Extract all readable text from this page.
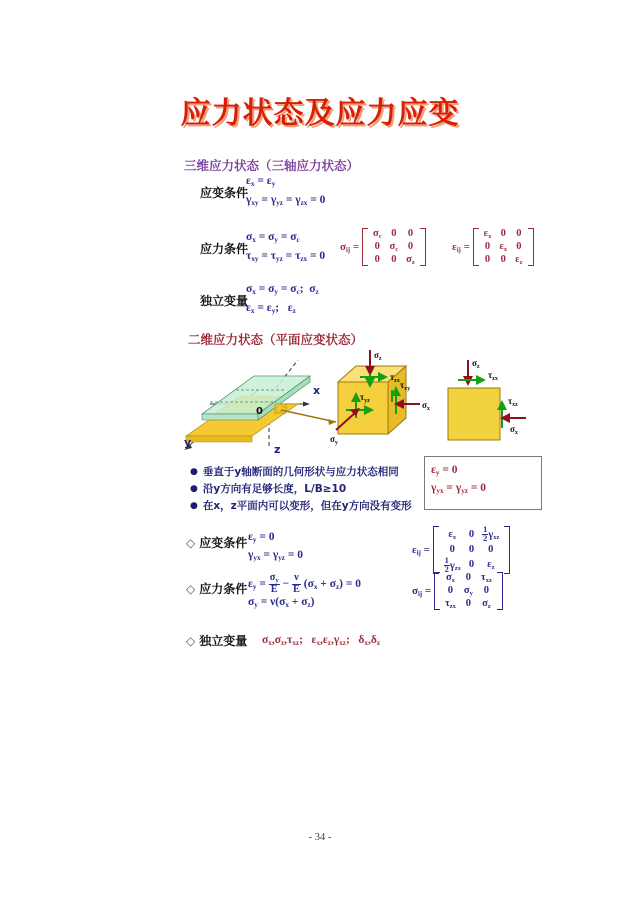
应力状态及应力应变
三维应力状态（三轴应力状态）
应变条件
$\varepsilon_x = \varepsilon_y$
$\gamma_{xy} = \gamma_{yz} = \gamma_{zx} = 0$
应力条件
$\sigma_x = \sigma_y = \sigma_c$
$\tau_{xy} = \tau_{yz} = \tau_{zx} = 0$
$\sigma_{ij}$ =
$\sigma_c$	0	0
0	$\sigma_c$	0
0	0	$\sigma_z$
$\varepsilon_{ij}$ =
$\varepsilon_x$	0	0
0	$\varepsilon_x$	0
0	0	$\varepsilon_z$
独立变量
$\sigma_x = \sigma_y = \sigma_c$;  $\sigma_z$
$\varepsilon_x = \varepsilon_y$;   $\varepsilon_z$
二维应力状态（平面应变状态）
x
y
z
0
$\sigma_z$
$\tau_{zx}$ $\tau_{xy}$
$\sigma_x$
$\tau_{yz}$
$\sigma_y$
$\sigma_z$
$\tau_{zx}$
$\tau_{xz}$
$\sigma_x$
● 垂直于y轴断面的几何形状与应力状态相同
● 沿y方向有足够长度，L/B≥10
● 在x，z平面内可以变形，但在y方向没有变形
$\varepsilon_y = 0$
$\gamma_{yx} = \gamma_{yz} = 0$
◇ 应变条件 $\varepsilon_y = 0$
$\gamma_{yx} = \gamma_{yz} = 0$	$\varepsilon_{ij}$ =
$\varepsilon_x$	0	$\frac{1}{2} \gamma_{xz}$
0	0	0

$\frac{1}{2} \gamma_{zx}$	0	$\varepsilon_z$
◇ 应力条件 $\varepsilon_y = \frac{\sigma_y}{E} - \frac{\nu}{E} (\sigma_x + \sigma_z) = 0$
$\sigma_y = \nu(\sigma_x + \sigma_z)$
$\sigma_{ij}$ =
$\sigma_x$	0	$\tau_{xz}$
0	$\sigma_y$	0
$\tau_{zx}$	0	$\sigma_z$
◇ 独立变量 $\sigma_x,\sigma_z,\tau_{xz}$;   $\varepsilon_x,\varepsilon_z,\gamma_{xz}$;   $\delta_x,\delta_z$
- 34 -
